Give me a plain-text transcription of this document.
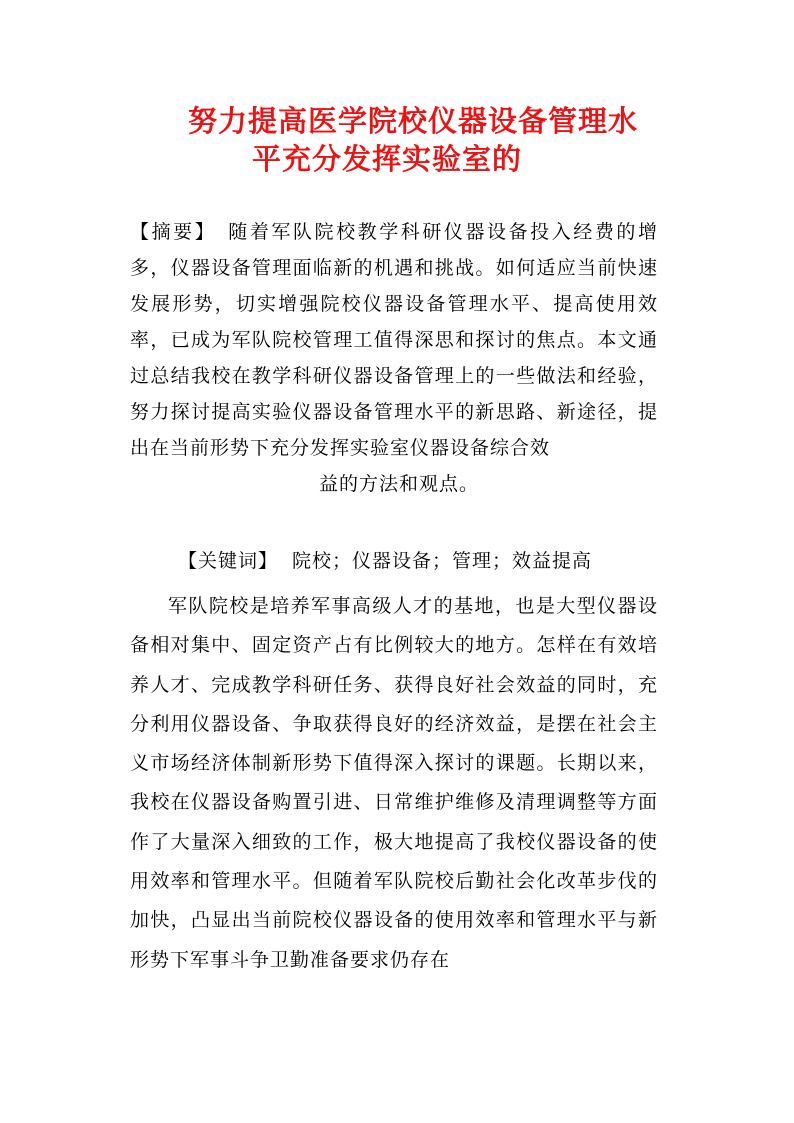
努力提高医学院校仪器设备管理水
平充分发挥实验室的
【摘要】 随着军队院校教学科研仪器设备投入经费的增多，仪器设备管理面临新的机遇和挑战。如何适应当前快速发展形势，切实增强院校仪器设备管理水平、提高使用效率，已成为军队院校管理工值得深思和探讨的焦点。本文通过总结我校在教学科研仪器设备管理上的一些做法和经验，努力探讨提高实验仪器设备管理水平的新思路、新途径，提出在当前形势下充分发挥实验室仪器设备综合效
益的方法和观点。
【关键词】 院校；仪器设备；管理；效益提高
军队院校是培养军事高级人才的基地，也是大型仪器设备相对集中、固定资产占有比例较大的地方。怎样在有效培养人才、完成教学科研任务、获得良好社会效益的同时，充分利用仪器设备、争取获得良好的经济效益，是摆在社会主义市场经济体制新形势下值得深入探讨的课题。长期以来，我校在仪器设备购置引进、日常维护维修及清理调整等方面作了大量深入细致的工作，极大地提高了我校仪器设备的使用效率和管理水平。但随着军队院校后勤社会化改革步伐的加快，凸显出当前院校仪器设备的使用效率和管理水平与新形势下军事斗争卫勤准备要求仍存在
